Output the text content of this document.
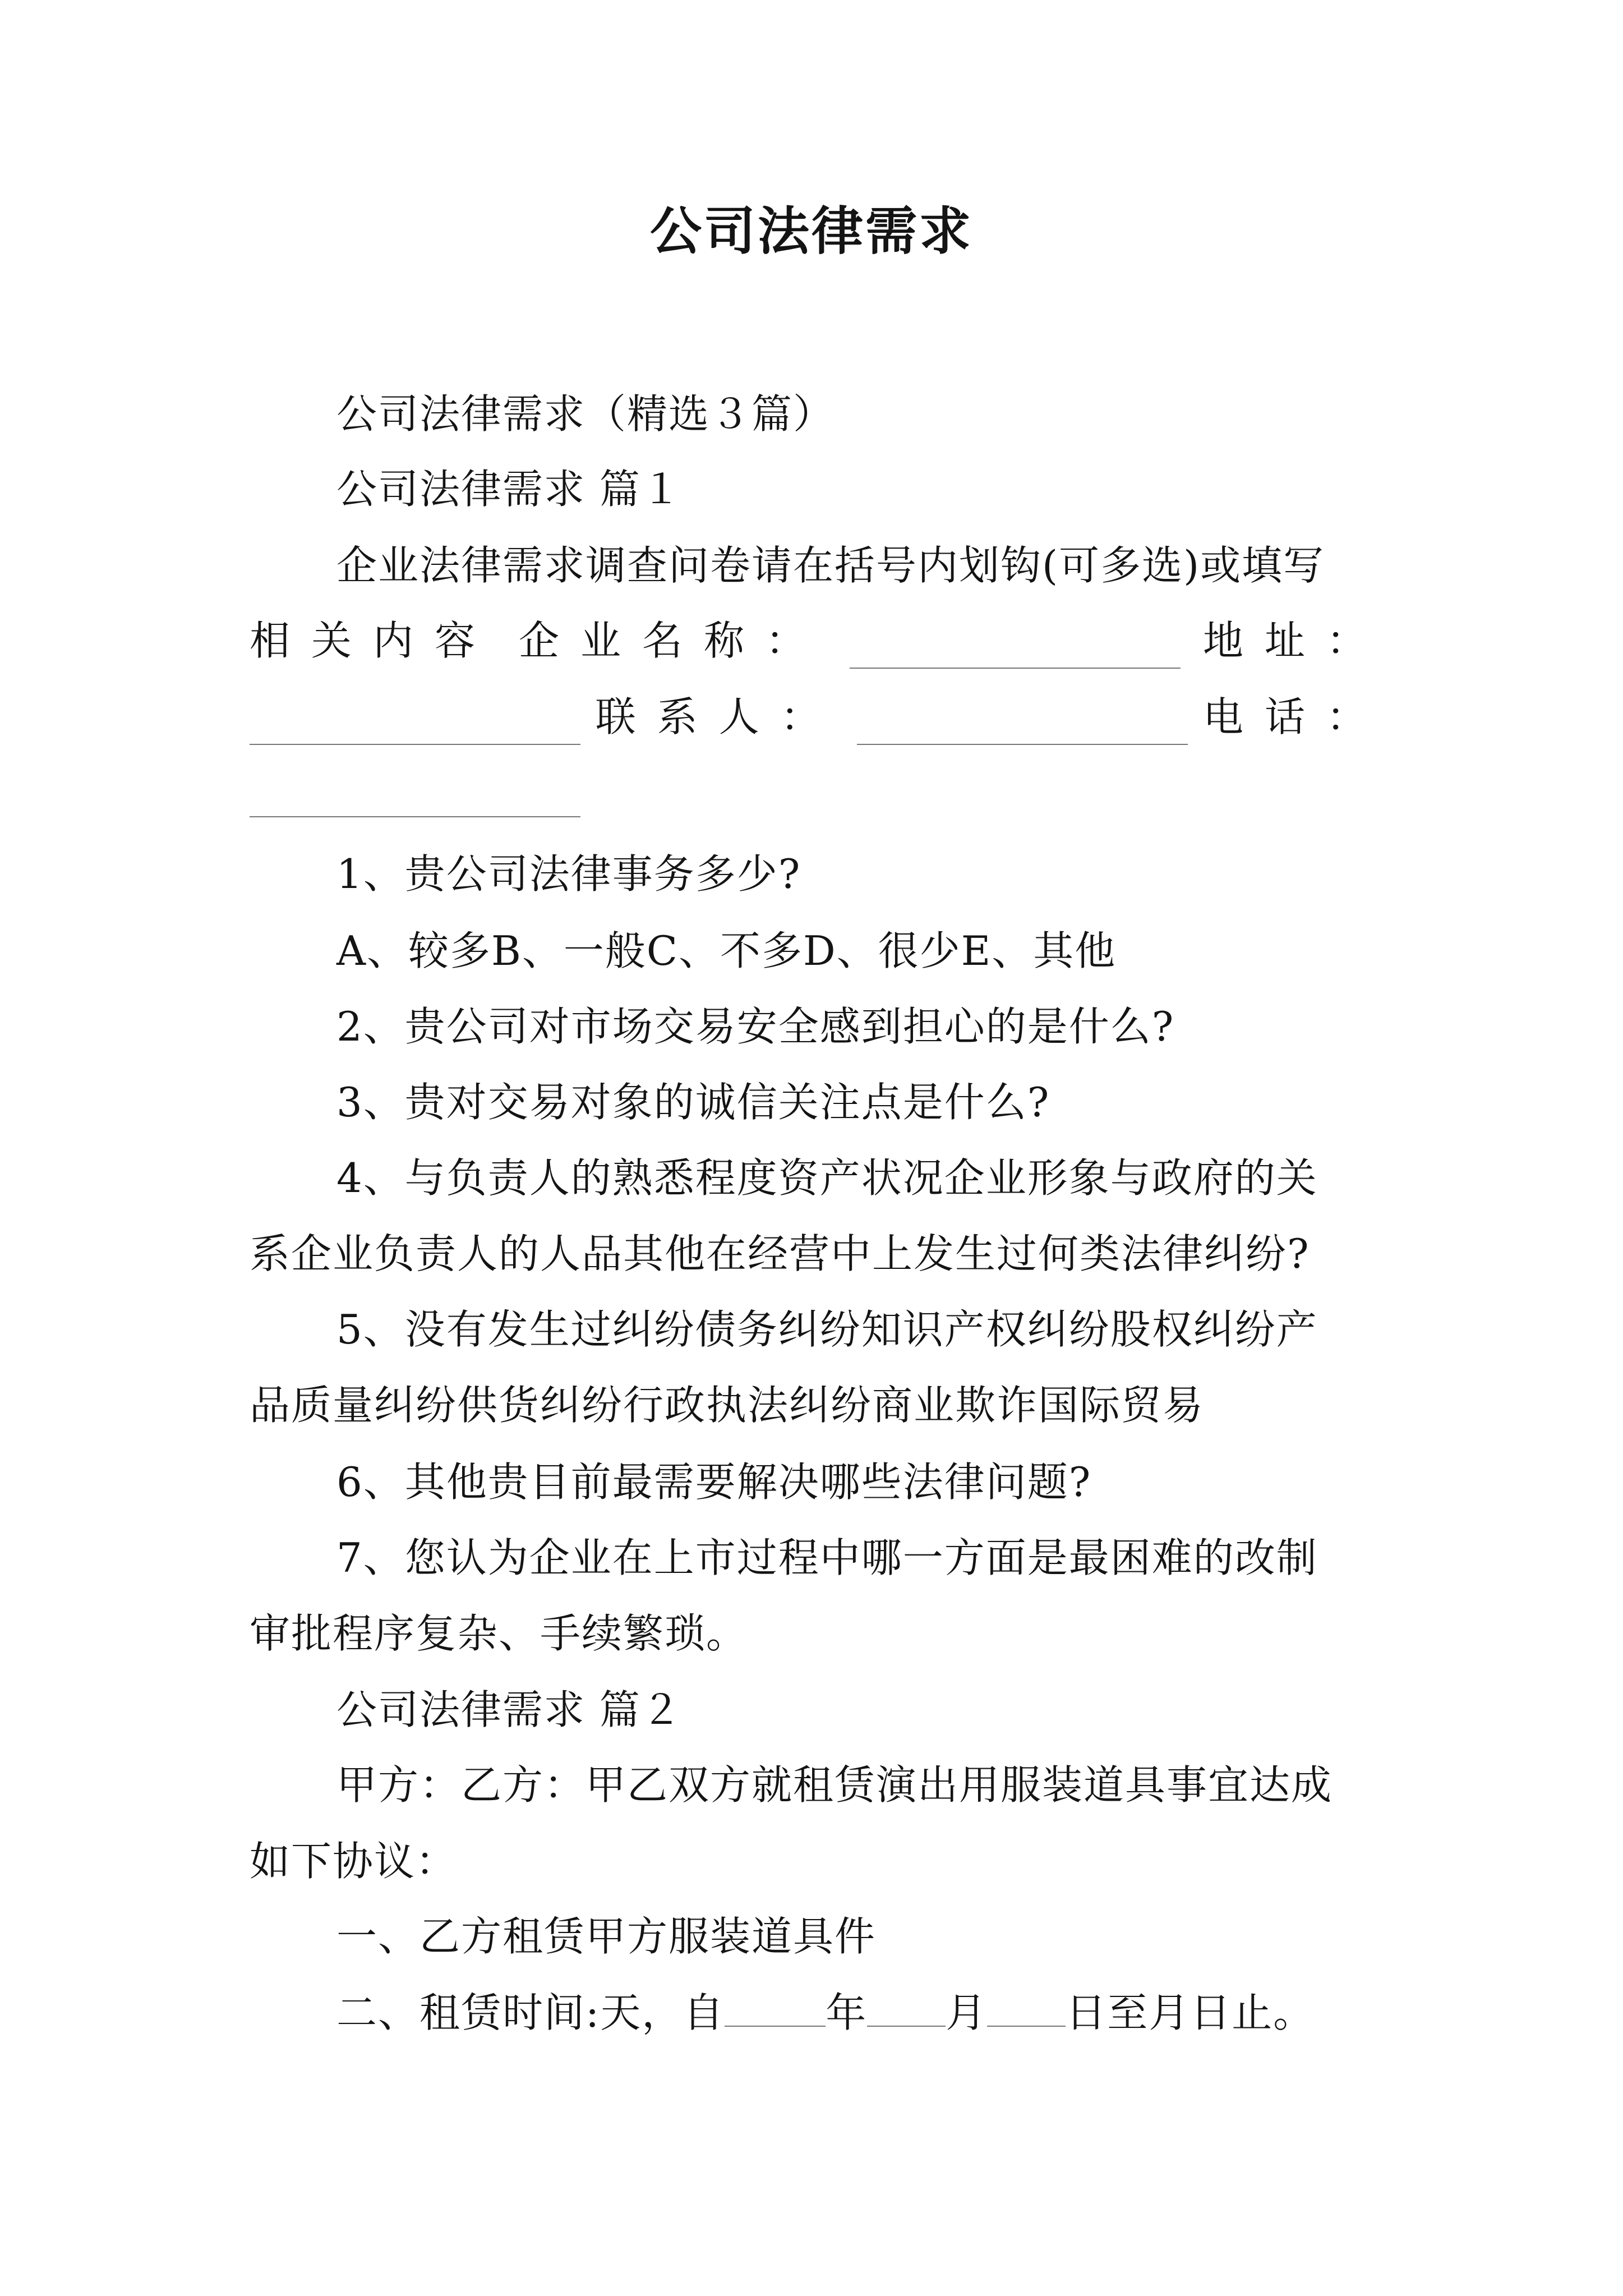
公司法律需求
公司法律需求（精选３篇）
公司法律需求 篇１
企业法律需求调查问卷请在括号内划钩(可多选)或填写
相关内容 企业名称：	地址：
联系人：	电话：
1、贵公司法律事务多少?
A、较多B、一般C、不多D、很少E、其他
2、贵公司对市场交易安全感到担心的是什么?
3、贵对交易对象的诚信关注点是什么?
4、与负责人的熟悉程度资产状况企业形象与政府的关
系企业负责人的人品其他在经营中上发生过何类法律纠纷?
5、没有发生过纠纷债务纠纷知识产权纠纷股权纠纷产
品质量纠纷供货纠纷行政执法纠纷商业欺诈国际贸易
6、其他贵目前最需要解决哪些法律问题?
7、您认为企业在上市过程中哪一方面是最困难的改制
审批程序复杂、手续繁琐。
公司法律需求 篇２
甲方：乙方：甲乙双方就租赁演出用服装道具事宜达成
如下协议：
一、乙方租赁甲方服装道具件
二、租赁时间:天，自	年 月 日至月日止。
